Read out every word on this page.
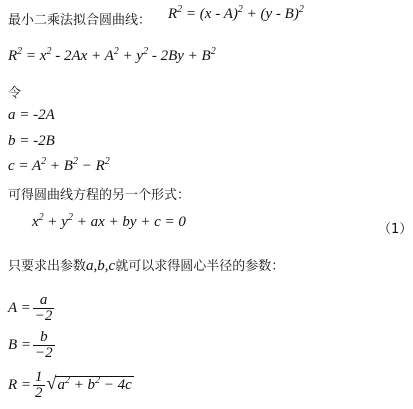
最小二乘法拟合圆曲线： $R^2 = (x - A)^2 + (y - B)^2$
$R^2 = x^2 - 2Ax + A^2 + y^2 - 2By + B^2$
令
a = -2A
b = -2B
$c = A^2 + B^2 - R^2$
可得圆曲线方程的另一个形式：
$x^2 + y^2$ + ax + by + c = 0	（1）
只要求出参数a,b,c就可以求得圆心半径的参数：
$A = \frac{a}{-2}$
$B = \frac{b}{-2}$
$R = \frac{1}{2} √a^2 + b^2 - 4c$
